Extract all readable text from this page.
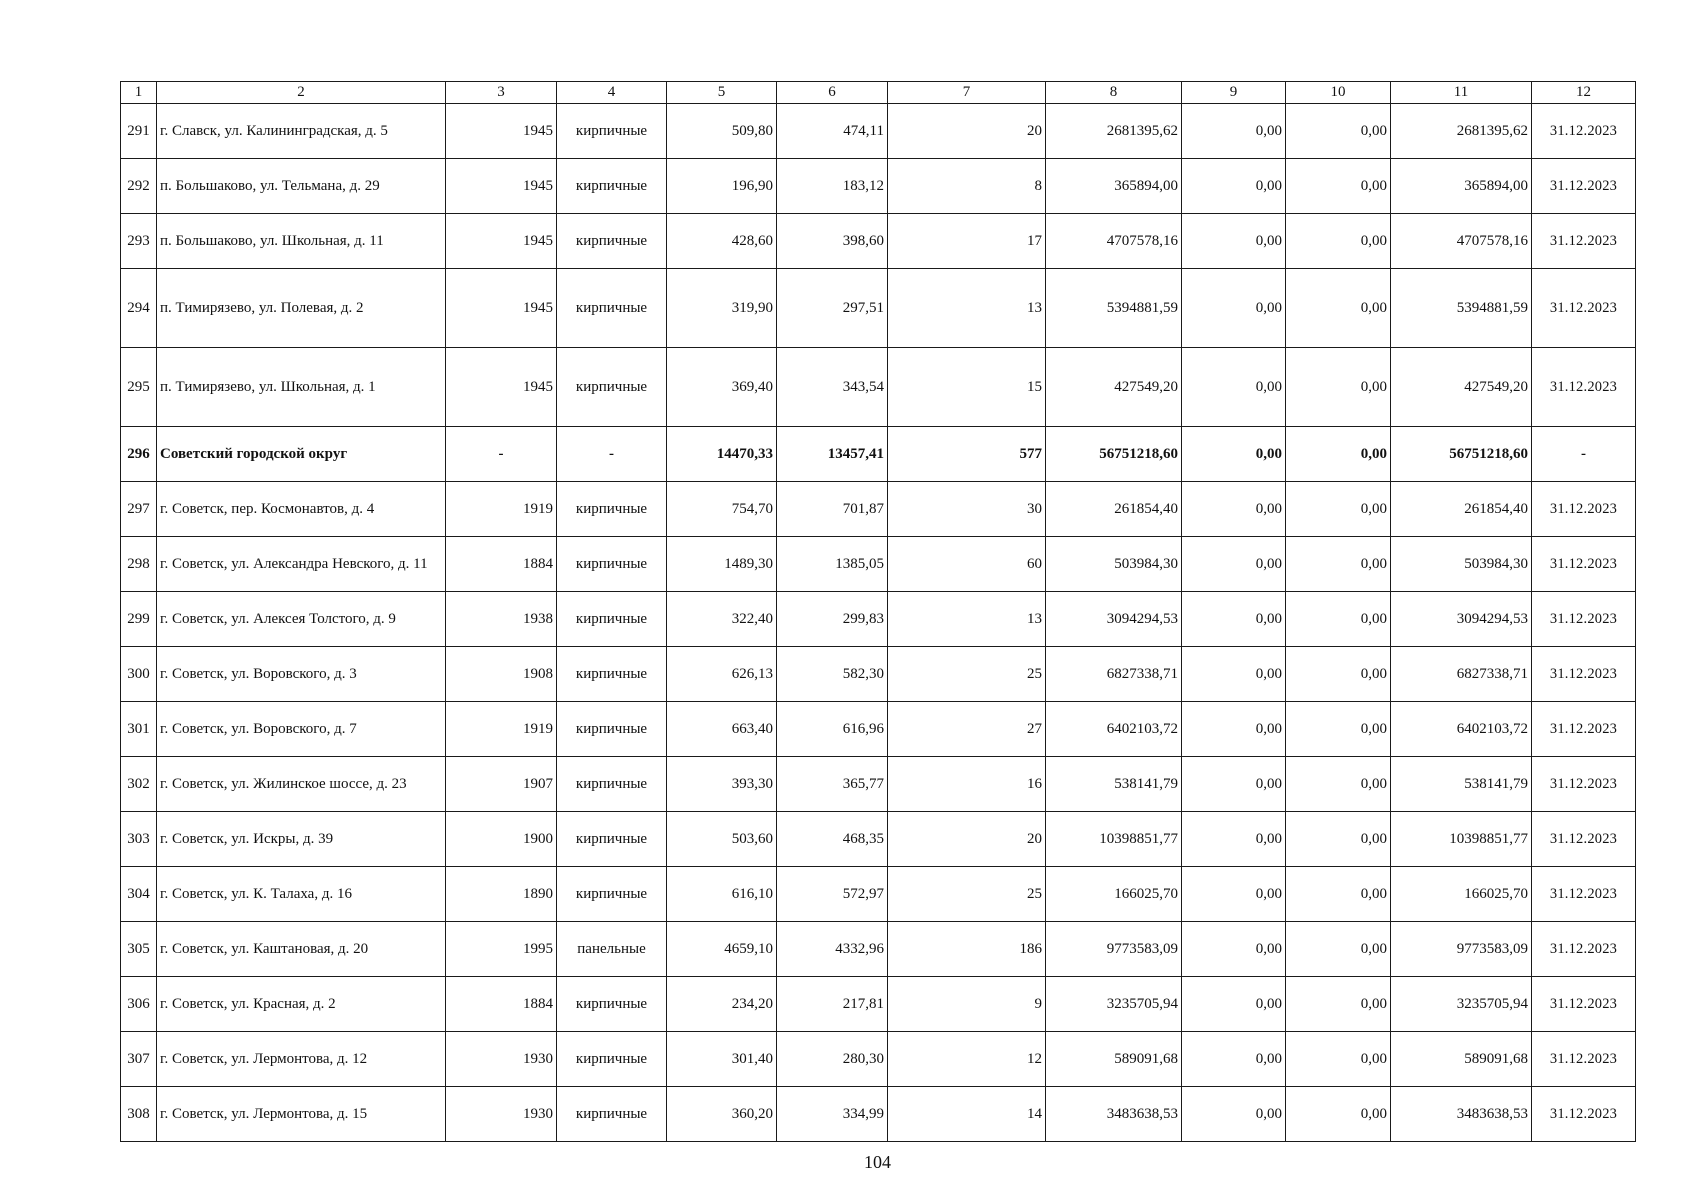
1	2	3	4	5	6	7	8	9	10	11	12
291	г. Славск, ул. Калининградская, д. 5	1945	кирпичные	509,80	474,11	20	2681395,62	0,00	0,00	2681395,62	31.12.2023
292	п. Большаково, ул. Тельмана, д. 29	1945	кирпичные	196,90	183,12	8	365894,00	0,00	0,00	365894,00	31.12.2023
293	п. Большаково, ул. Школьная, д. 11	1945	кирпичные	428,60	398,60	17	4707578,16	0,00	0,00	4707578,16	31.12.2023
294	п. Тимирязево, ул. Полевая, д. 2	1945	кирпичные	319,90	297,51	13	5394881,59	0,00	0,00	5394881,59	31.12.2023
295	п. Тимирязево, ул. Школьная, д. 1	1945	кирпичные	369,40	343,54	15	427549,20	0,00	0,00	427549,20	31.12.2023
296	Советский городской округ	-	-	14470,33	13457,41	577	56751218,60	0,00	0,00	56751218,60	-
297	г. Советск, пер. Космонавтов, д. 4	1919	кирпичные	754,70	701,87	30	261854,40	0,00	0,00	261854,40	31.12.2023
298	г. Советск, ул. Александра Невского, д. 11	1884	кирпичные	1489,30	1385,05	60	503984,30	0,00	0,00	503984,30	31.12.2023
299	г. Советск, ул. Алексея Толстого, д. 9	1938	кирпичные	322,40	299,83	13	3094294,53	0,00	0,00	3094294,53	31.12.2023
300	г. Советск, ул. Воровского, д. 3	1908	кирпичные	626,13	582,30	25	6827338,71	0,00	0,00	6827338,71	31.12.2023
301	г. Советск, ул. Воровского, д. 7	1919	кирпичные	663,40	616,96	27	6402103,72	0,00	0,00	6402103,72	31.12.2023
302	г. Советск, ул. Жилинское шоссе, д. 23	1907	кирпичные	393,30	365,77	16	538141,79	0,00	0,00	538141,79	31.12.2023
303	г. Советск, ул. Искры, д. 39	1900	кирпичные	503,60	468,35	20	10398851,77	0,00	0,00	10398851,77	31.12.2023
304	г. Советск, ул. К. Талаха, д. 16	1890	кирпичные	616,10	572,97	25	166025,70	0,00	0,00	166025,70	31.12.2023
305	г. Советск, ул. Каштановая, д. 20	1995	панельные	4659,10	4332,96	186	9773583,09	0,00	0,00	9773583,09	31.12.2023
306	г. Советск, ул. Красная, д. 2	1884	кирпичные	234,20	217,81	9	3235705,94	0,00	0,00	3235705,94	31.12.2023
307	г. Советск, ул. Лермонтова, д. 12	1930	кирпичные	301,40	280,30	12	589091,68	0,00	0,00	589091,68	31.12.2023
308	г. Советск, ул. Лермонтова, д. 15	1930	кирпичные	360,20	334,99	14	3483638,53	0,00	0,00	3483638,53	31.12.2023
104
